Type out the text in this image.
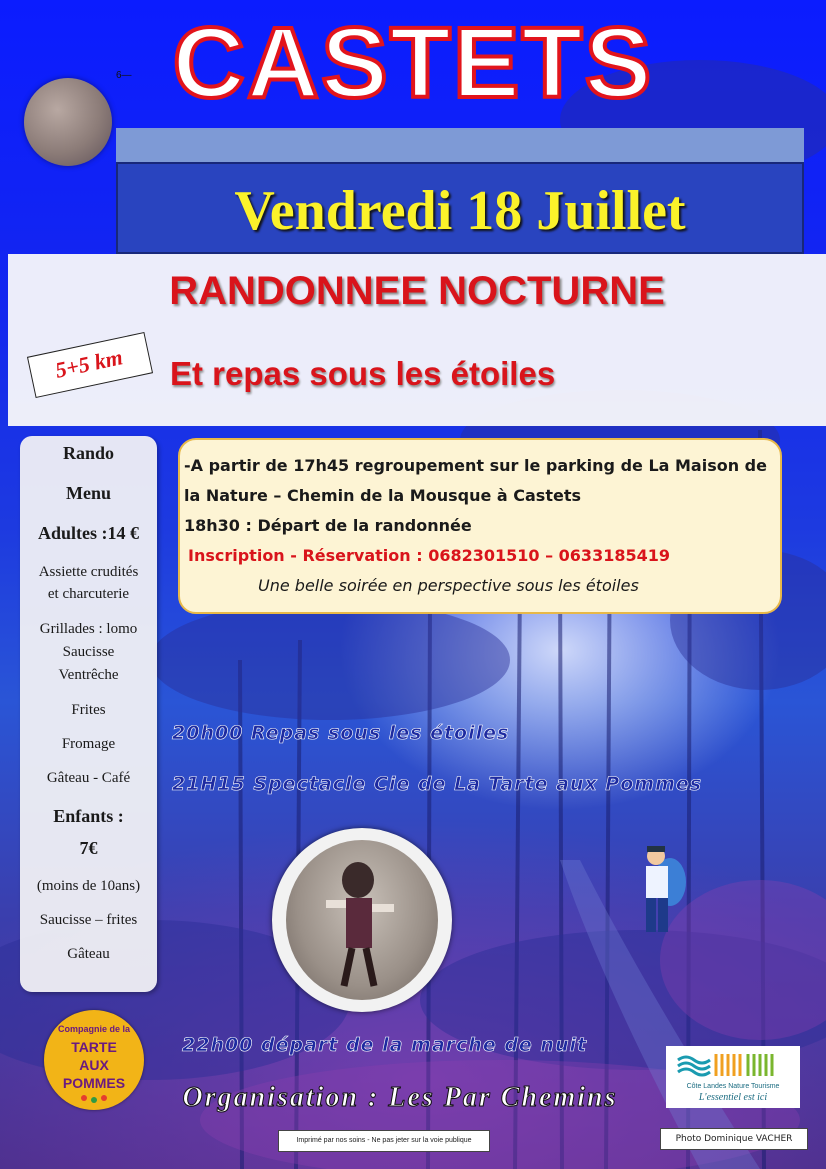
6— CASTETS
Vendredi 18 Juillet
RANDONNEE NOCTURNE
5+5 km	Et repas sous les étoiles
Rando
Menu
Adultes :14 €
Assiette crudités
et charcuterie
Grillades : lomo
Saucisse
Ventrêche
Frites
Fromage
Gâteau - Café
Enfants :
7€
(moins de 10ans)
Saucisse – frites
Gâteau
-A partir de 17h45 regroupement sur le parking de La Maison de
la Nature – Chemin de la Mousque à Castets
18h30 : Départ de la randonnée
Inscription - Réservation : 0682301510 – 0633185419
Une belle soirée en perspective sous les étoiles
20h00 Repas sous les étoiles
21H15 Spectacle Cie de La Tarte aux Pommes
22h00 départ de la marche de nuit
Compagnie de la
TARTE
AUX
POMMES	Organisation : Les Par Chemins	Côte Landes Nature Tourisme
L'essentiel est ici
Imprimé par nos soins - Ne pas jeter sur la voie publique	Photo Dominique VACHER
